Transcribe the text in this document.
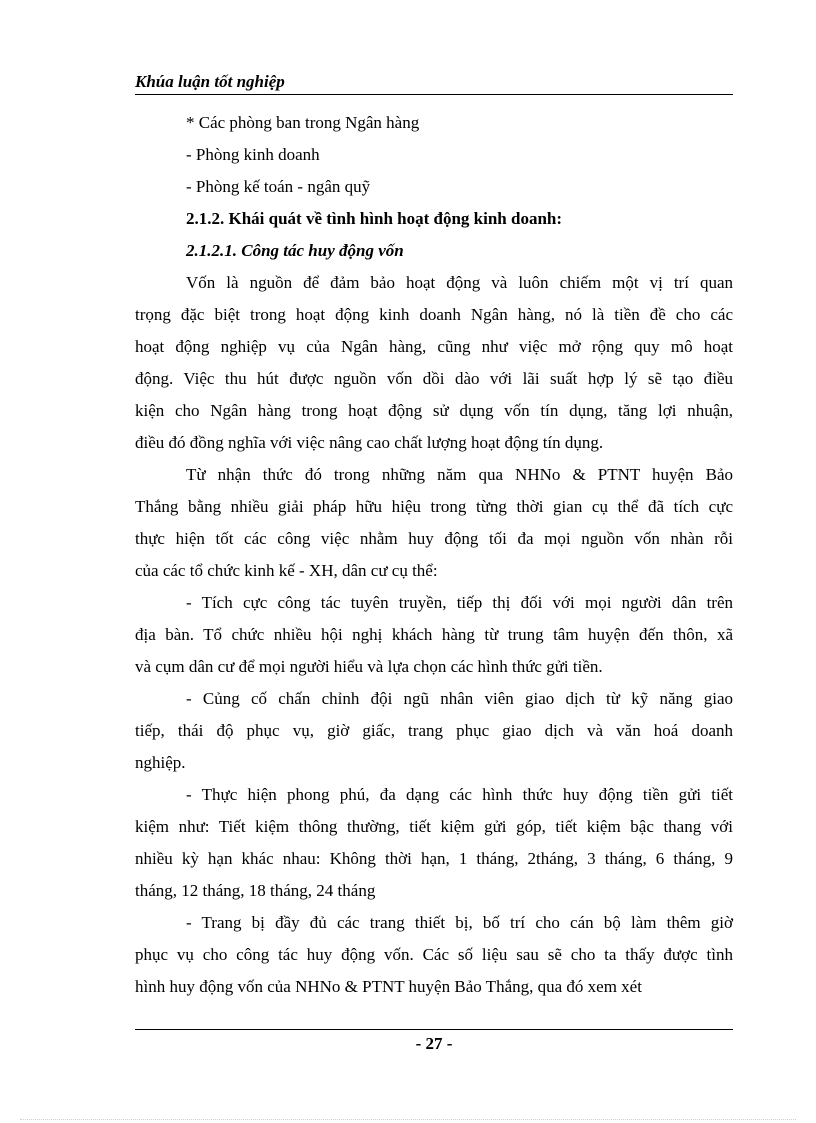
Khúa luận tốt nghiệp
* Các phòng ban trong Ngân hàng
- Phòng kinh doanh
- Phòng kế toán - ngân quỹ
2.1.2. Khái quát về tình hình hoạt động kinh doanh:
2.1.2.1. Công tác huy động vốn
Vốn là nguồn để đảm bảo hoạt động và luôn chiếm một vị trí quan
trọng đặc biệt trong hoạt động kinh doanh Ngân hàng, nó là tiền đề cho các
hoạt động nghiệp vụ của Ngân hàng, cũng như việc mở rộng quy mô hoạt
động. Việc thu hút được nguồn vốn dồi dào với lãi suất hợp lý sẽ tạo điều
kiện cho Ngân hàng trong hoạt động sử dụng vốn tín dụng, tăng lợi nhuận,
điều đó đồng nghĩa với việc nâng cao chất lượng hoạt động tín dụng.
Từ nhận thức đó trong những năm qua NHNo & PTNT huyện Bảo
Thắng bằng nhiều giải pháp hữu hiệu trong từng thời gian cụ thể đã tích cực
thực hiện tốt các công việc nhằm huy động tối đa mọi nguồn vốn nhàn rỗi
của các tổ chức kinh kế - XH, dân cư cụ thể:
- Tích cực công tác tuyên truyền, tiếp thị đối với mọi người dân trên
địa bàn. Tổ chức nhiều hội nghị khách hàng từ trung tâm huyện đến thôn, xã
và cụm dân cư để mọi người hiểu và lựa chọn các hình thức gửi tiền.
- Củng cố chấn chỉnh đội ngũ nhân viên giao dịch từ kỹ năng giao
tiếp, thái độ phục vụ, giờ giấc, trang phục giao dịch và văn hoá doanh
nghiệp.
- Thực hiện phong phú, đa dạng các hình thức huy động tiền gửi tiết
kiệm như: Tiết kiệm thông thường, tiết kiệm gửi góp, tiết kiệm bậc thang với
nhiều kỳ hạn khác nhau: Không thời hạn, 1 tháng, 2tháng, 3 tháng, 6 tháng, 9
tháng, 12 tháng, 18 tháng, 24 tháng
- Trang bị đầy đủ các trang thiết bị, bố trí cho cán bộ làm thêm giờ
phục vụ cho công tác huy động vốn. Các số liệu sau sẽ cho ta thấy được tình
hình huy động vốn của NHNo & PTNT huyện Bảo Thắng, qua đó xem xét
- 27 -
